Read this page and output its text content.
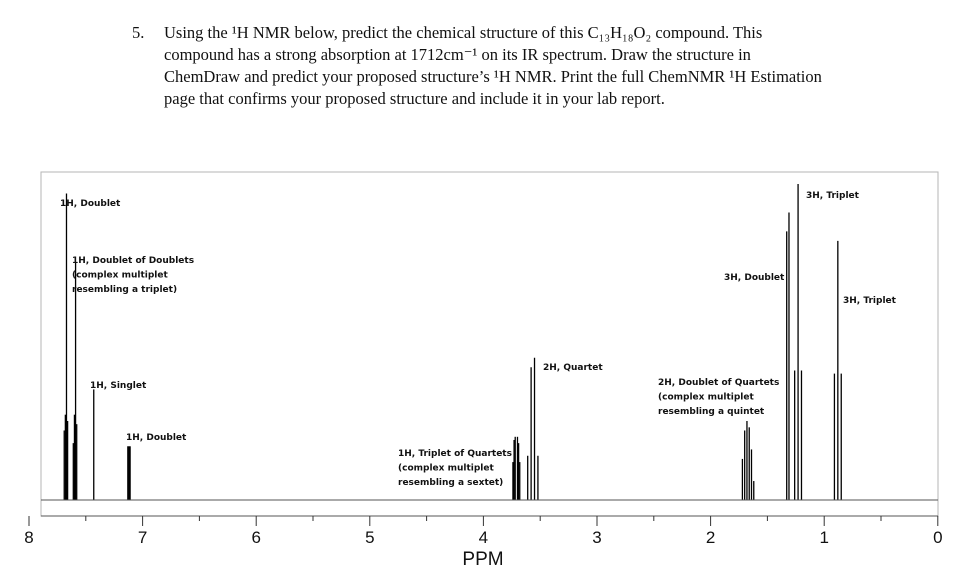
5. Using the ¹H NMR below, predict the chemical structure of this C₁₃H₁₈O₂ compound. This compound has a strong absorption at 1712cm⁻¹ on its IR spectrum. Draw the structure in ChemDraw and predict your proposed structure’s ¹H NMR. Print the full ChemNMR ¹H Estimation page that confirms your proposed structure and include it in your lab report.
8	7	6	5	4	3	2	1	0
1H, Doublet
1H, Doublet of Doublets (complex multiplet resembling a triplet)
1H, Singlet
1H, Doublet
1H, Triplet of Quartets (complex multiplet resembling a sextet)
2H, Quartet
2H, Doublet of Quartets (complex multiplet resembling a quintet
3H, Doublet
3H, Triplet
3H, Triplet
PPM
